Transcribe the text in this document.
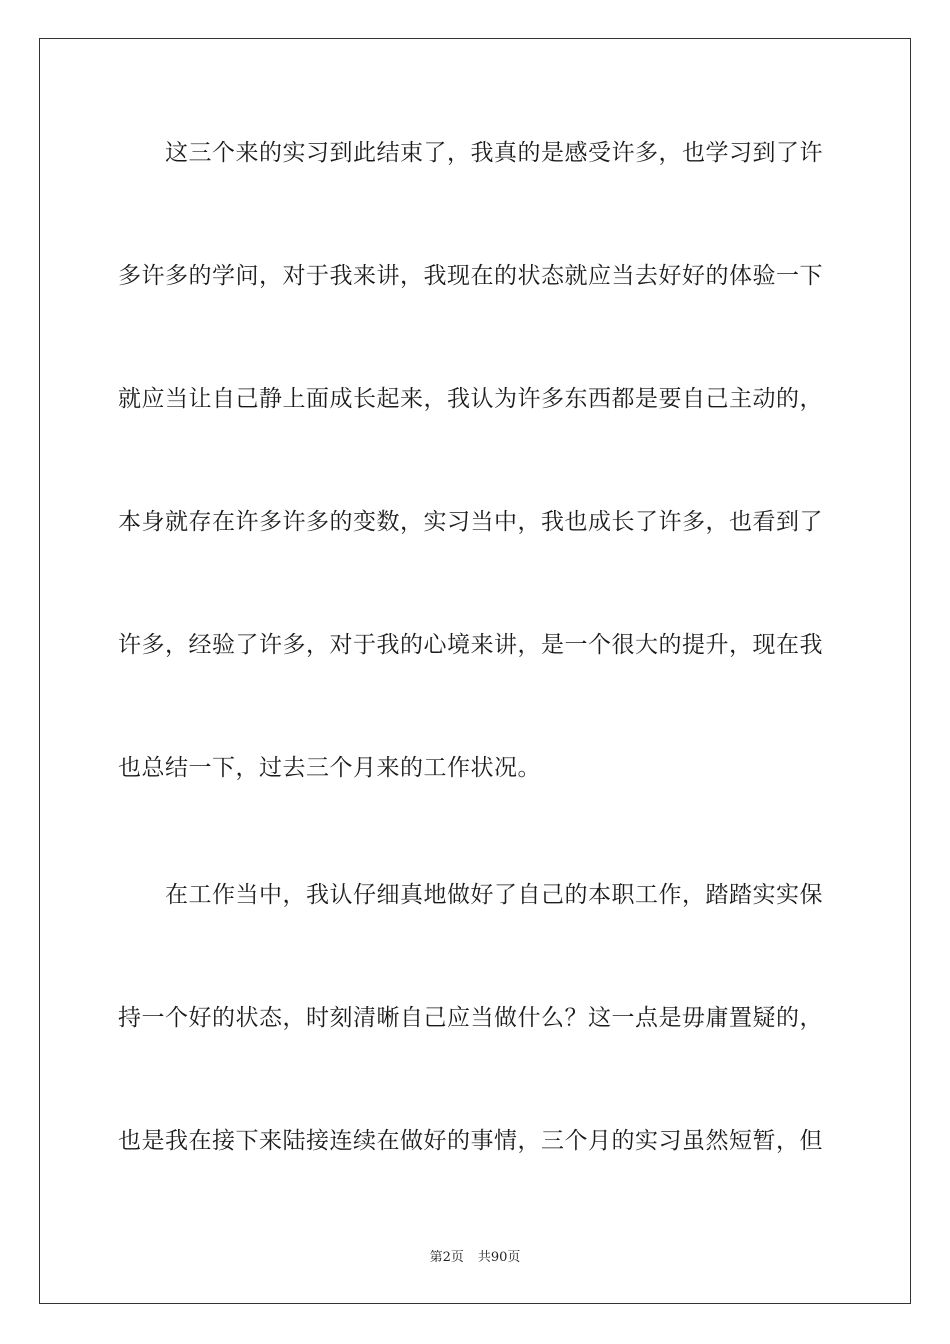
这三个来的实习到此结束了，我真的是感受许多，也学习到了许
多许多的学问，对于我来讲，我现在的状态就应当去好好的体验一下
就应当让自己静上面成长起来，我认为许多东西都是要自己主动的，
本身就存在许多许多的变数，实习当中，我也成长了许多，也看到了
许多，经验了许多，对于我的心境来讲，是一个很大的提升，现在我
也总结一下，过去三个月来的工作状况。
在工作当中，我认仔细真地做好了自己的本职工作，踏踏实实保
持一个好的状态，时刻清晰自己应当做什么？这一点是毋庸置疑的，
也是我在接下来陆接连续在做好的事情，三个月的实习虽然短暂，但
第2页 共90页
